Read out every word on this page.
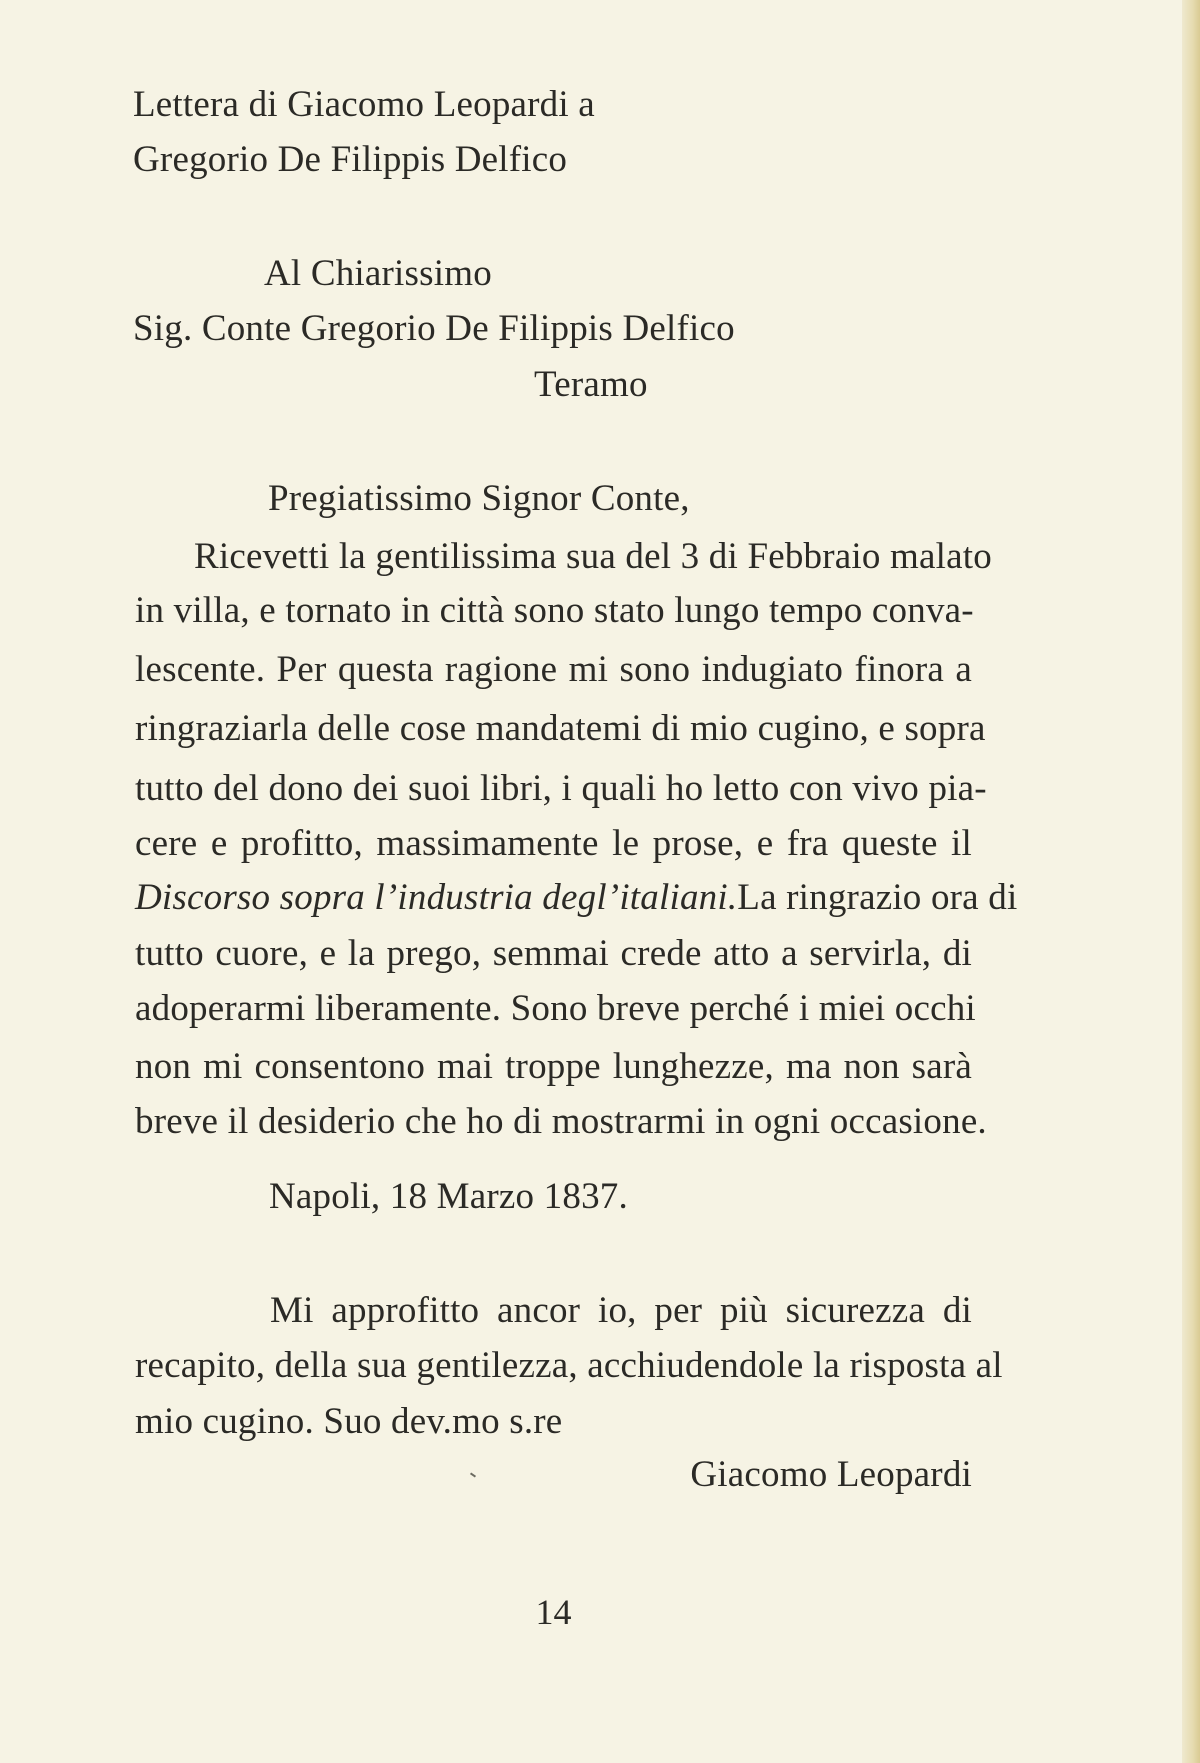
Lettera di Giacomo Leopardi a
Gregorio De Filippis Delfico
Al Chiarissimo
Sig. Conte Gregorio De Filippis Delfico
Teramo
Pregiatissimo Signor Conte,
Ricevetti la gentilissima sua del 3 di Febbraio malato
in villa, e tornato in città sono stato lungo tempo conva-
lescente. Per questa ragione mi sono indugiato finora a
ringraziarla delle cose mandatemi di mio cugino, e sopra
tutto del dono dei suoi libri, i quali ho letto con vivo pia-
cere e profitto, massimamente le prose, e fra queste il
Discorso sopra l’industria degl’italiani. La ringrazio ora di
tutto cuore, e la prego, semmai crede atto a servirla, di
adoperarmi liberamente. Sono breve perché i miei occhi
non mi consentono mai troppe lunghezze, ma non sarà
breve il desiderio che ho di mostrarmi in ogni occasione.
Napoli, 18 Marzo 1837.
Mi approfitto ancor io, per più sicurezza di
recapito, della sua gentilezza, acchiudendole la risposta al
mio cugino. Suo dev.mo s.re
Giacomo Leopardi
14
